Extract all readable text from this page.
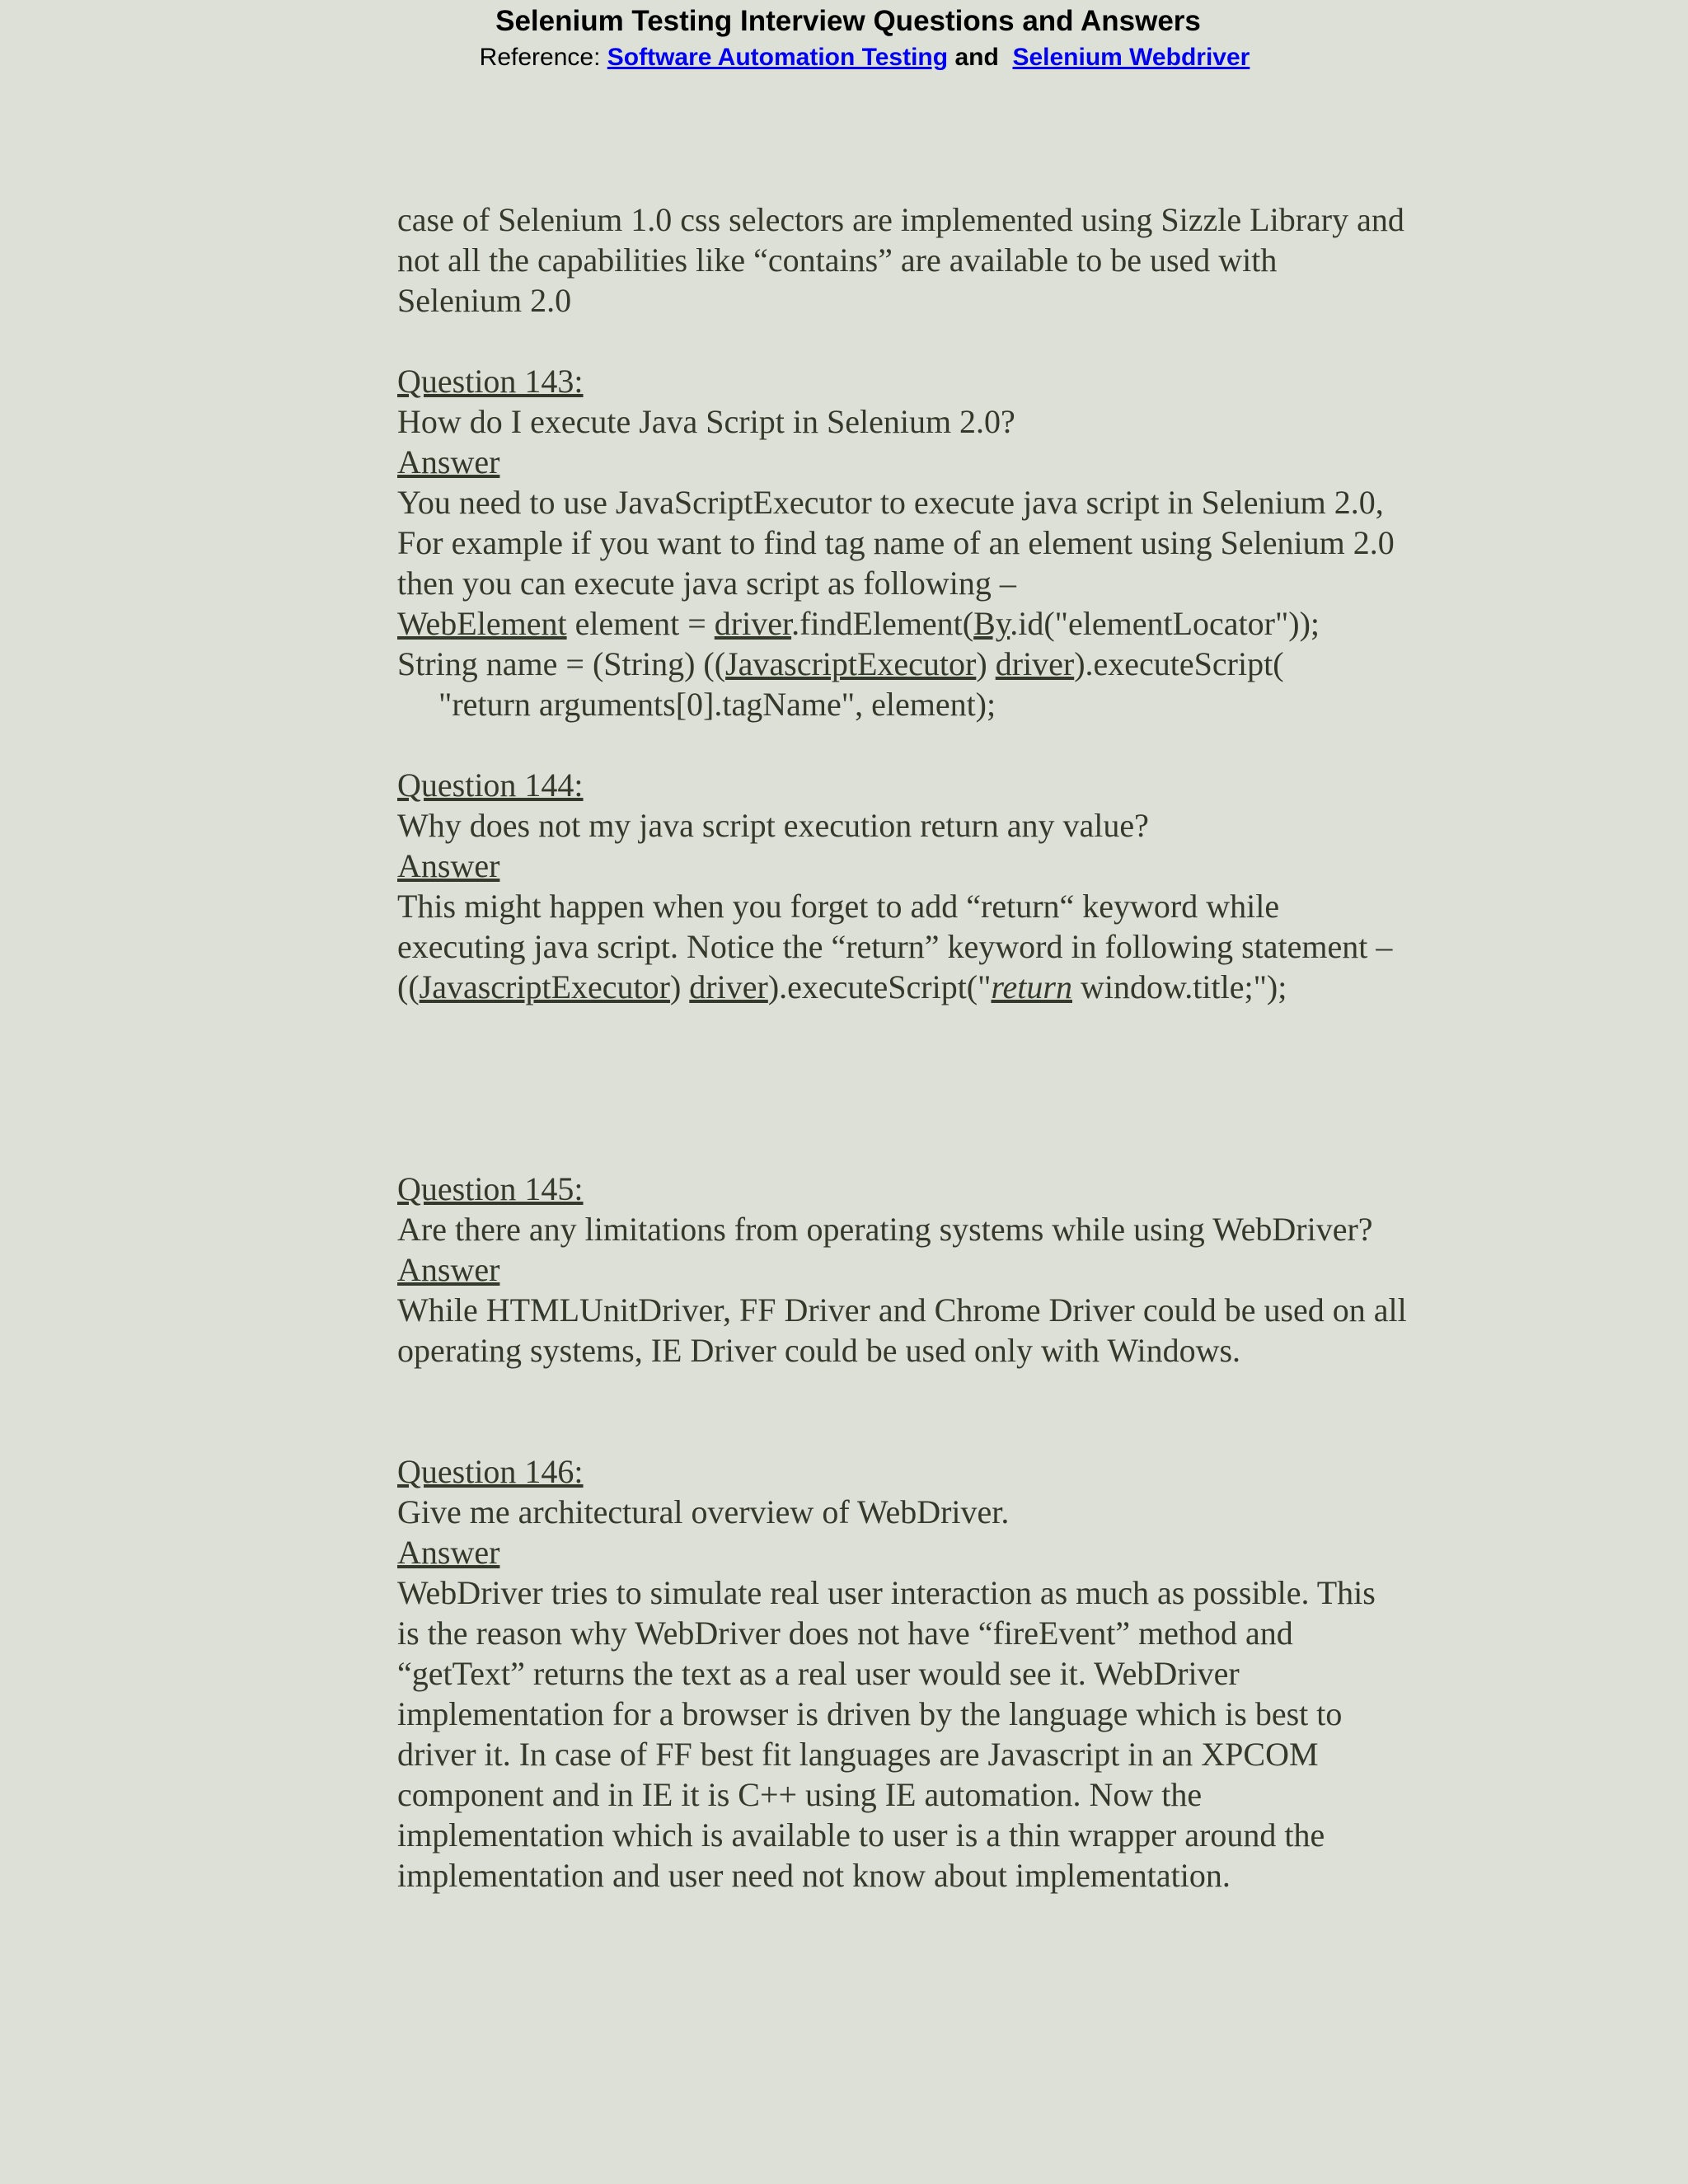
Selenium Testing Interview Questions and Answers
Reference: Software Automation Testing and Selenium Webdriver

case of Selenium 1.0 css selectors are implemented using Sizzle Library and

not all the capabilities like “contains” are available to be used with

Selenium 2.0

Question 143:

How do I execute Java Script in Selenium 2.0?

Answer

You need to use JavaScriptExecutor to execute java script in Selenium 2.0,

For example if you want to find tag name of an element using Selenium 2.0

then you can execute java script as following –

WebElement element = driver.findElement(By.id("elementLocator"));

String name = (String) ((JavascriptExecutor) driver).executeScript(

"return arguments[0].tagName", element);

Question 144:

Why does not my java script execution return any value?

Answer

This might happen when you forget to add “return“ keyword while

executing java script. Notice the “return” keyword in following statement –

((JavascriptExecutor) driver).executeScript("return window.title;");

Question 145:

Are there any limitations from operating systems while using WebDriver?

Answer

While HTMLUnitDriver, FF Driver and Chrome Driver could be used on all

operating systems, IE Driver could be used only with Windows.

Question 146:

Give me architectural overview of WebDriver.

Answer

WebDriver tries to simulate real user interaction as much as possible. This

is the reason why WebDriver does not have “fireEvent” method and

“getText” returns the text as a real user would see it. WebDriver

implementation for a browser is driven by the language which is best to

driver it. In case of FF best fit languages are Javascript in an XPCOM

component and in IE it is C++ using IE automation. Now the

implementation which is available to user is a thin wrapper around the

implementation and user need not know about implementation.
